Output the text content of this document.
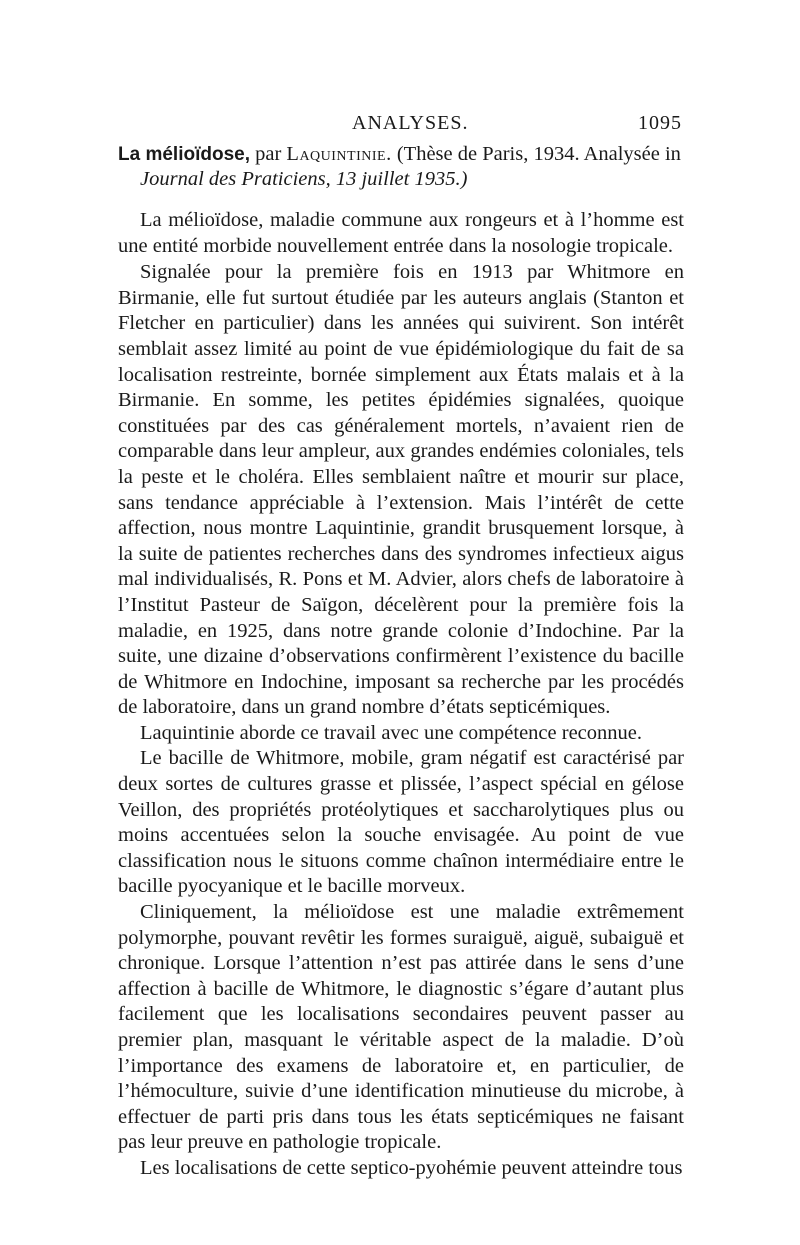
ANALYSES.	1095
La mélioïdose, par Laquintinie. (Thèse de Paris, 1934. Analysée in
Journal des Praticiens, 13 juillet 1935.)

La mélioïdose, maladie commune aux rongeurs et à l’homme est une entité morbide nouvellement entrée dans la nosologie tropicale.

Signalée pour la première fois en 1913 par Whitmore en Birmanie, elle fut surtout étudiée par les auteurs anglais (Stanton et Fletcher en particulier) dans les années qui suivirent. Son intérêt semblait assez limité au point de vue épidémiologique du fait de sa localisation restreinte, bornée simplement aux États malais et à la Birmanie. En somme, les petites épidémies signalées, quoique constituées par des cas généralement mortels, n’avaient rien de comparable dans leur ampleur, aux grandes endémies coloniales, tels la peste et le choléra. Elles semblaient naître et mourir sur place, sans tendance appréciable à l’extension. Mais l’intérêt de cette affection, nous montre Laquintinie, grandit brusquement lorsque, à la suite de patientes recherches dans des syndromes infectieux aigus mal individualisés, R. Pons et M. Advier, alors chefs de laboratoire à l’Institut Pasteur de Saïgon, décelèrent pour la première fois la maladie, en 1925, dans notre grande colonie d’Indochine. Par la suite, une dizaine d’observations confirmèrent l’existence du bacille de Whitmore en Indochine, imposant sa recherche par les procédés de laboratoire, dans un grand nombre d’états septicémiques.

Laquintinie aborde ce travail avec une compétence reconnue.

Le bacille de Whitmore, mobile, gram négatif est caractérisé par deux sortes de cultures grasse et plissée, l’aspect spécial en gélose Veillon, des propriétés protéolytiques et saccharolytiques plus ou moins accentuées selon la souche envisagée. Au point de vue classification nous le situons comme chaînon intermédiaire entre le bacille pyocyanique et le bacille morveux.

Cliniquement, la mélioïdose est une maladie extrêmement polymorphe, pouvant revêtir les formes suraiguë, aiguë, subaiguë et chronique. Lorsque l’attention n’est pas attirée dans le sens d’une affection à bacille de Whitmore, le diagnostic s’égare d’autant plus facilement que les localisations secondaires peuvent passer au premier plan, masquant le véritable aspect de la maladie. D’où l’importance des examens de laboratoire et, en particulier, de l’hémoculture, suivie d’une identification minutieuse du microbe, à effectuer de parti pris dans tous les états septicémiques ne faisant pas leur preuve en pathologie tropicale.

Les localisations de cette septico-pyohémie peuvent atteindre tous
